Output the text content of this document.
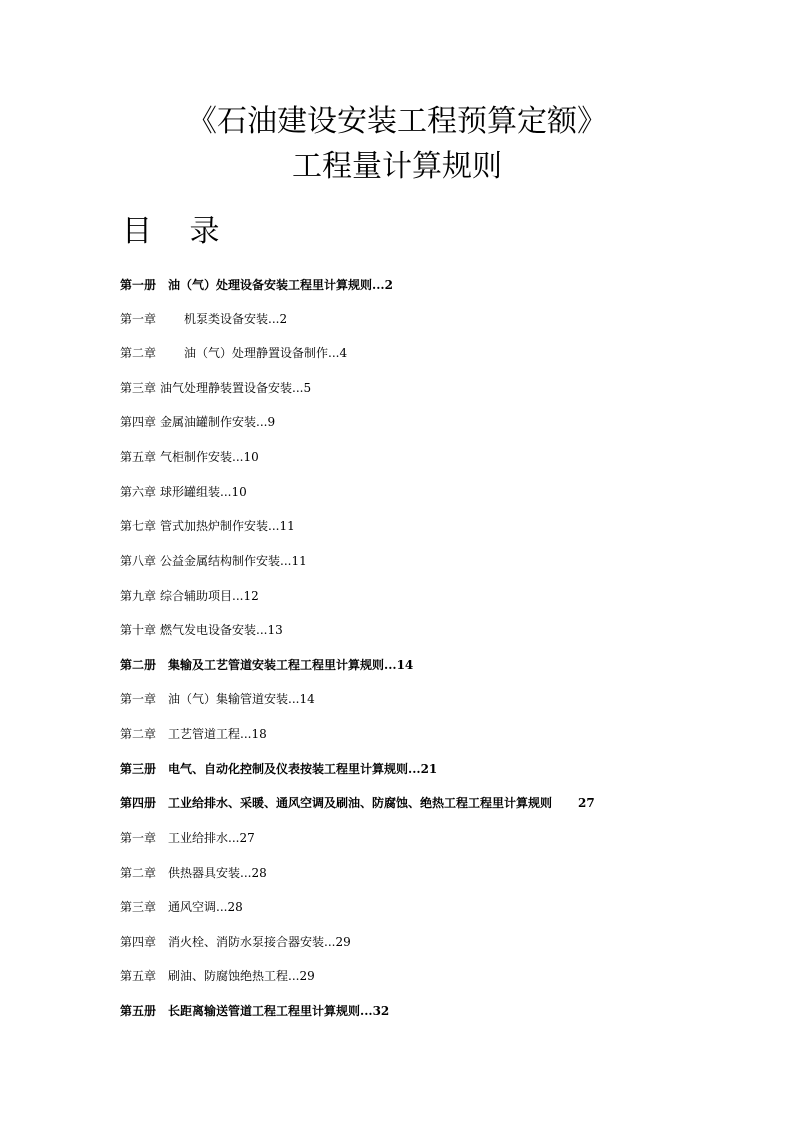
《石油建设安装工程预算定额》
工程量计算规则
目 录
第一册 油（气）处理设备安装工程里计算规则...2
第一章 机泵类设备安装...2
第二章 油（气）处理静置设备制作...4
第三章 油气处理静装置设备安装...5
第四章 金属油罐制作安装...9
第五章 气柜制作安装...10
第六章 球形罐组装...10
第七章 管式加热炉制作安装...11
第八章 公益金属结构制作安装...11
第九章 综合辅助项目...12
第十章 燃气发电设备安装...13
第二册 集输及工艺管道安装工程工程里计算规则...14
第一章 油（气）集输管道安装...14
第二章 工艺管道工程...18
第三册 电气、自动化控制及仪表按装工程里计算规则...21
第四册 工业给排水、采暖、通风空调及刷油、防腐蚀、绝热工程工程里计算规则 27
第一章 工业给排水...27
第二章 供热器具安装...28
第三章 通风空调...28
第四章 消火栓、消防水泵接合器安装...29
第五章 刷油、防腐蚀绝热工程...29
第五册 长距离输送管道工程工程里计算规则...32
